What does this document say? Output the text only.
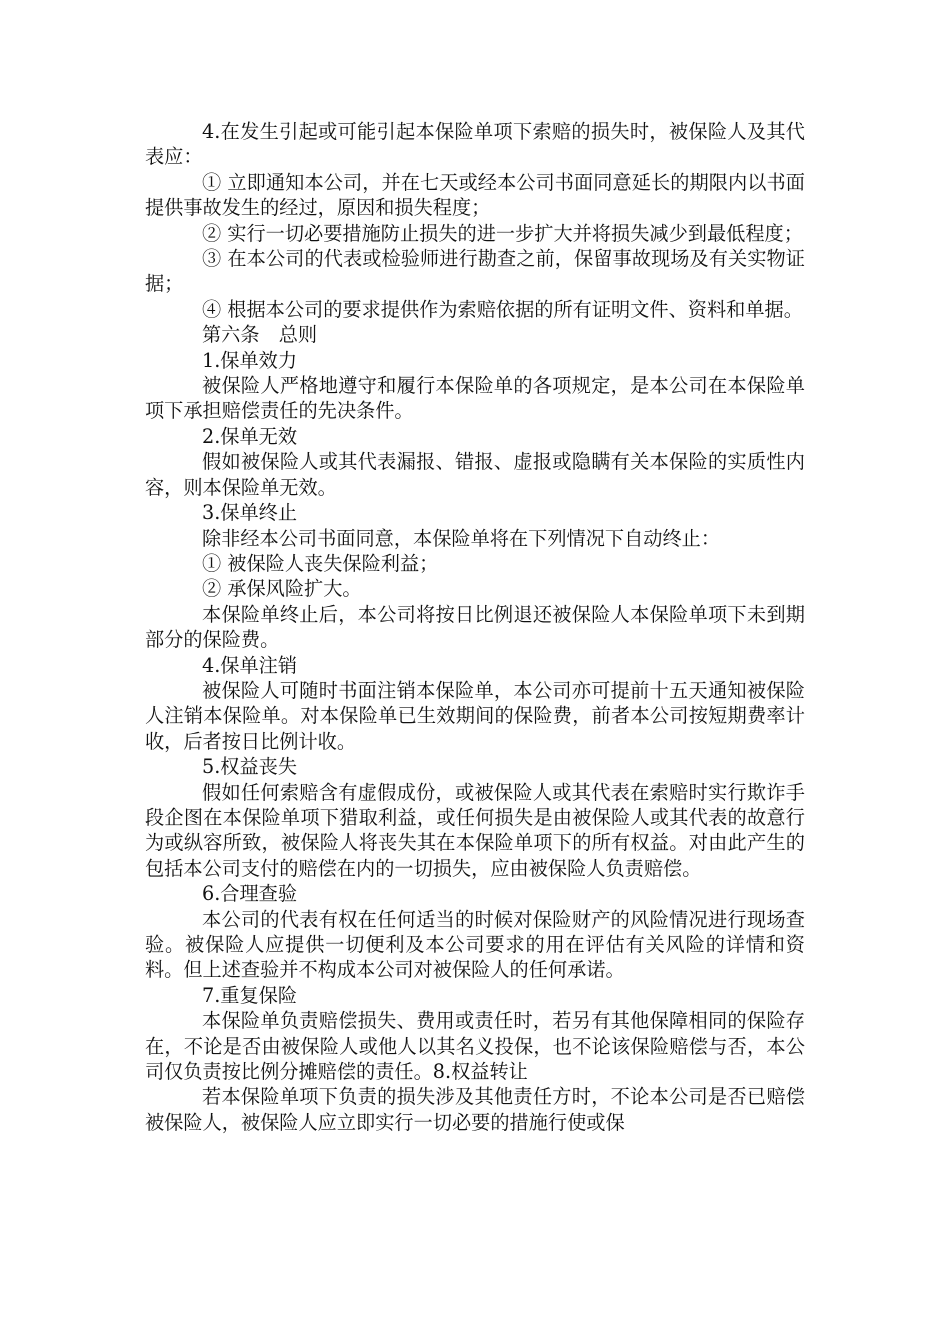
4.在发生引起或可能引起本保险单项下索赔的损失时，被保险人及其代表应：

① 立即通知本公司，并在七天或经本公司书面同意延长的期限内以书面提供事故发生的经过，原因和损失程度；

② 实行一切必要措施防止损失的进一步扩大并将损失减少到最低程度；

③ 在本公司的代表或检验师进行勘查之前，保留事故现场及有关实物证据；

④ 根据本公司的要求提供作为索赔依据的所有证明文件、资料和单据。

第六条　总则

1.保单效力

被保险人严格地遵守和履行本保险单的各项规定，是本公司在本保险单项下承担赔偿责任的先决条件。

2.保单无效

假如被保险人或其代表漏报、错报、虚报或隐瞒有关本保险的实质性内容，则本保险单无效。

3.保单终止

除非经本公司书面同意，本保险单将在下列情况下自动终止：

① 被保险人丧失保险利益；

② 承保风险扩大。

本保险单终止后，本公司将按日比例退还被保险人本保险单项下未到期部分的保险费。

4.保单注销

被保险人可随时书面注销本保险单，本公司亦可提前十五天通知被保险人注销本保险单。对本保险单已生效期间的保险费，前者本公司按短期费率计收，后者按日比例计收。

5.权益丧失

假如任何索赔含有虚假成份，或被保险人或其代表在索赔时实行欺诈手段企图在本保险单项下猎取利益，或任何损失是由被保险人或其代表的故意行为或纵容所致，被保险人将丧失其在本保险单项下的所有权益。对由此产生的包括本公司支付的赔偿在内的一切损失，应由被保险人负责赔偿。

6.合理查验

本公司的代表有权在任何适当的时候对保险财产的风险情况进行现场查验。被保险人应提供一切便利及本公司要求的用在评估有关风险的详情和资料。但上述查验并不构成本公司对被保险人的任何承诺。

7.重复保险

本保险单负责赔偿损失、费用或责任时，若另有其他保障相同的保险存在，不论是否由被保险人或他人以其名义投保，也不论该保险赔偿与否，本公司仅负责按比例分摊赔偿的责任。8.权益转让

若本保险单项下负责的损失涉及其他责任方时，不论本公司是否已赔偿被保险人，被保险人应立即实行一切必要的措施行使或保
